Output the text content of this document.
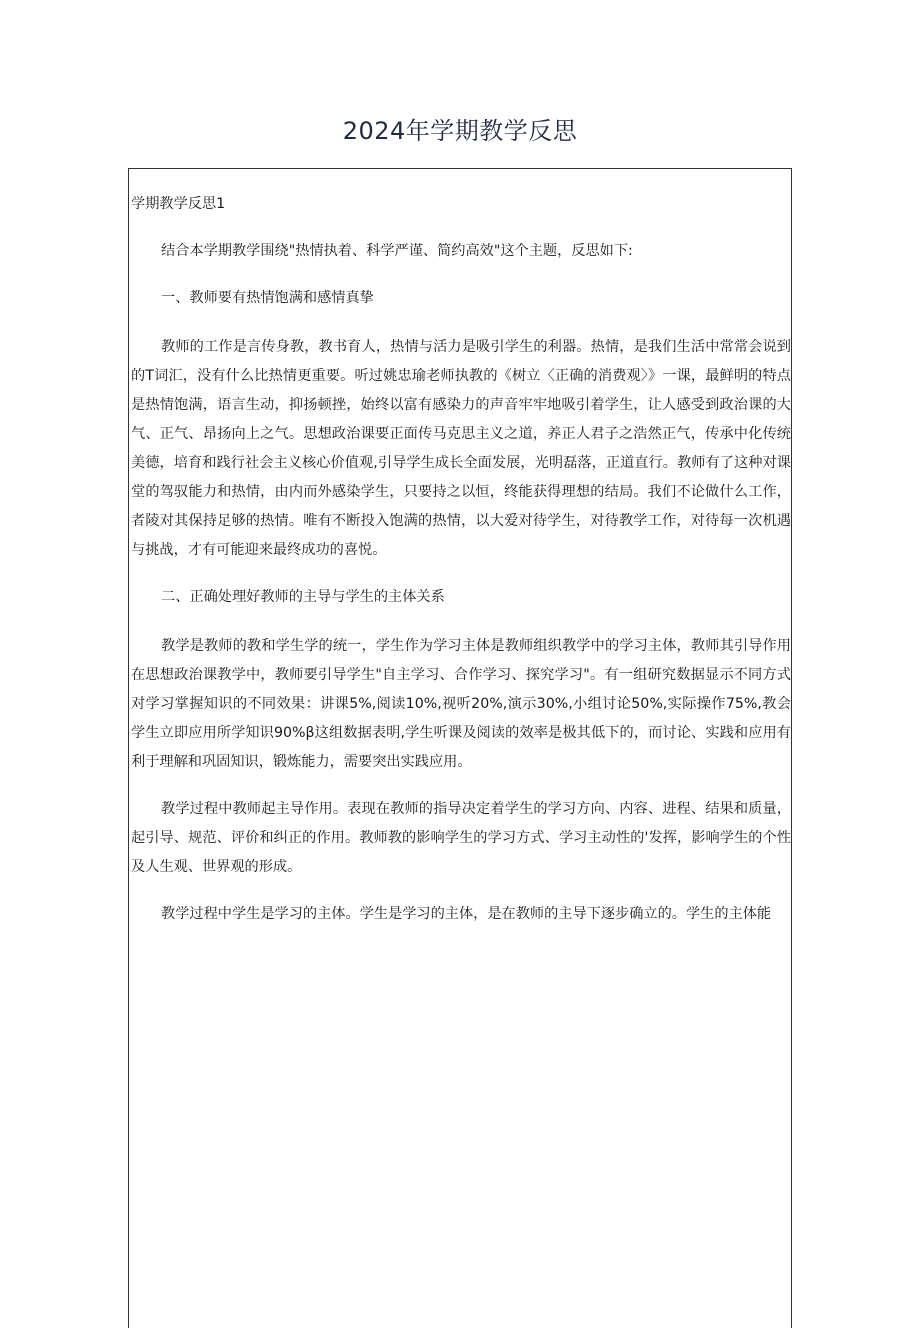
2024年学期教学反思

学期教学反思1

结合本学期教学围绕"热情执着、科学严谨、简约高效"这个主题，反思如下:

一、教师要有热情饱满和感情真挚

教师的工作是言传身教，教书育人，热情与活力是吸引学生的利器。热情，是我们生活中常常会说到的T词汇，没有什么比热情更重要。听过姚忠瑜老师执教的《树立〈正确的消费观〉》一课，最鲜明的特点是热情饱满，语言生动，抑扬顿挫，始终以富有感染力的声音牢牢地吸引着学生，让人感受到政治课的大气、正气、昂扬向上之气。思想政治课要正面传马克思主义之道，养正人君子之浩然正气，传承中化传统美德，培育和践行社会主义核心价值观,引导学生成长全面发展，光明磊落，正道直行。教师有了这种对课堂的驾驭能力和热情，由内而外感染学生，只要持之以恒，终能获得理想的结局。我们不论做什么工作，者陵对其保持足够的热情。唯有不断投入饱满的热情，以大爱对待学生，对待教学工作，对待每一次机遇与挑战，才有可能迎来最终成功的喜悦。

二、正确处理好教师的主导与学生的主体关系

教学是教师的教和学生学的统一，学生作为学习主体是教师组织教学中的学习主体，教师其引导作用在思想政治课教学中，教师要引导学生"自主学习、合作学习、探究学习"。有一组研究数据显示不同方式对学习掌握知识的不同效果：讲课5%,阅读10%,视听20%,演示30%,小组讨论50%,实际操作75%,教会学生立即应用所学知识90%β这组数据表明,学生听课及阅读的效率是极其低下的，而讨论、实践和应用有利于理解和巩固知识，锻炼能力，需要突出实践应用。

教学过程中教师起主导作用。表现在教师的指导决定着学生的学习方向、内容、进程、结果和质量，起引导、规范、评价和纠正的作用。教师教的影响学生的学习方式、学习主动性的'发挥，影响学生的个性及人生观、世界观的形成。

教学过程中学生是学习的主体。学生是学习的主体，是在教师的主导下逐步确立的。学生的主体能
